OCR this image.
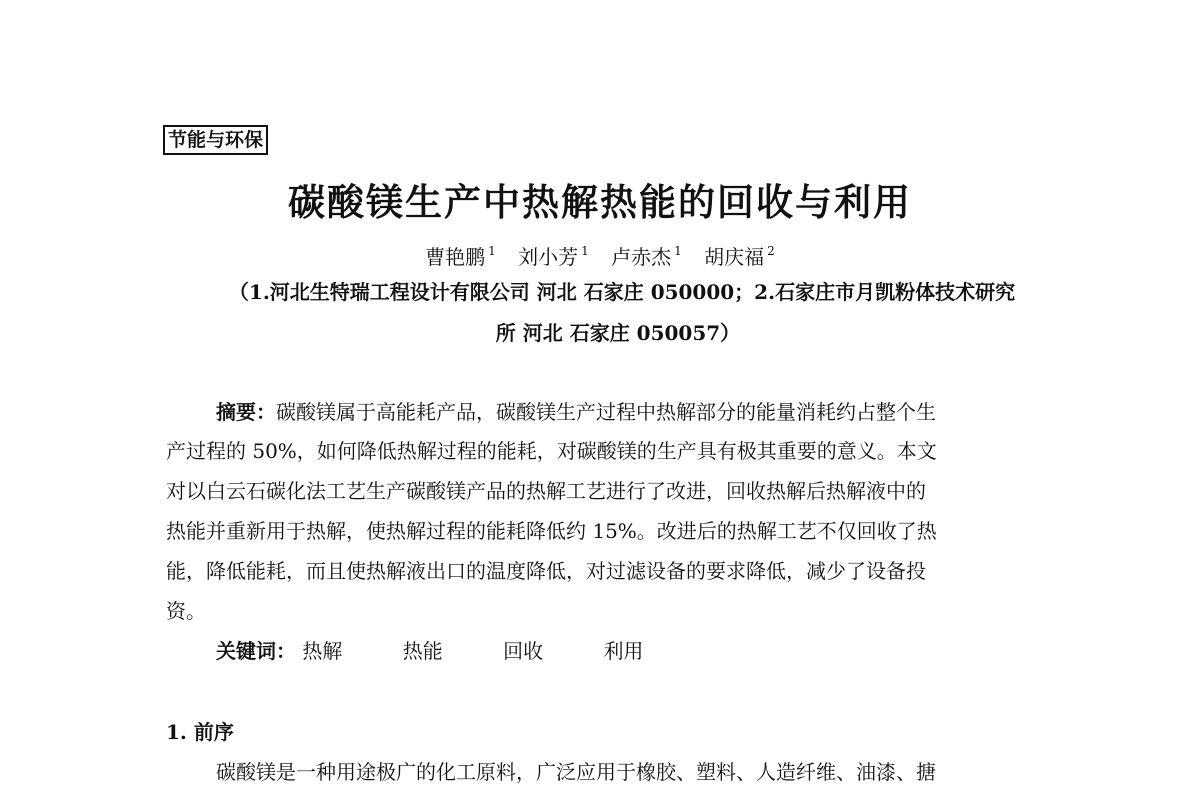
节能与环保
碳酸镁生产中热解热能的回收与利用
曹艳鹏 $^1$ 刘小芳 $^1$ 卢赤杰 $^1$ 胡庆福 $^2$
（1.河北生特瑞工程设计有限公司 河北 石家庄 050000；2.石家庄市月凯粉体技术研究
所 河北 石家庄 050057）
摘要：碳酸镁属于高能耗产品，碳酸镁生产过程中热解部分的能量消耗约占整个生
产过程的 50%，如何降低热解过程的能耗，对碳酸镁的生产具有极其重要的意义。本文
对以白云石碳化法工艺生产碳酸镁产品的热解工艺进行了改进，回收热解后热解液中的
热能并重新用于热解，使热解过程的能耗降低约 15%。改进后的热解工艺不仅回收了热
能，降低能耗，而且使热解液出口的温度降低，对过滤设备的要求降低，减少了设备投
资。
关键词： 热解	热能	回收	利用
1. 前序
碳酸镁是一种用途极广的化工原料，广泛应用于橡胶、塑料、人造纤维、油漆、搪
